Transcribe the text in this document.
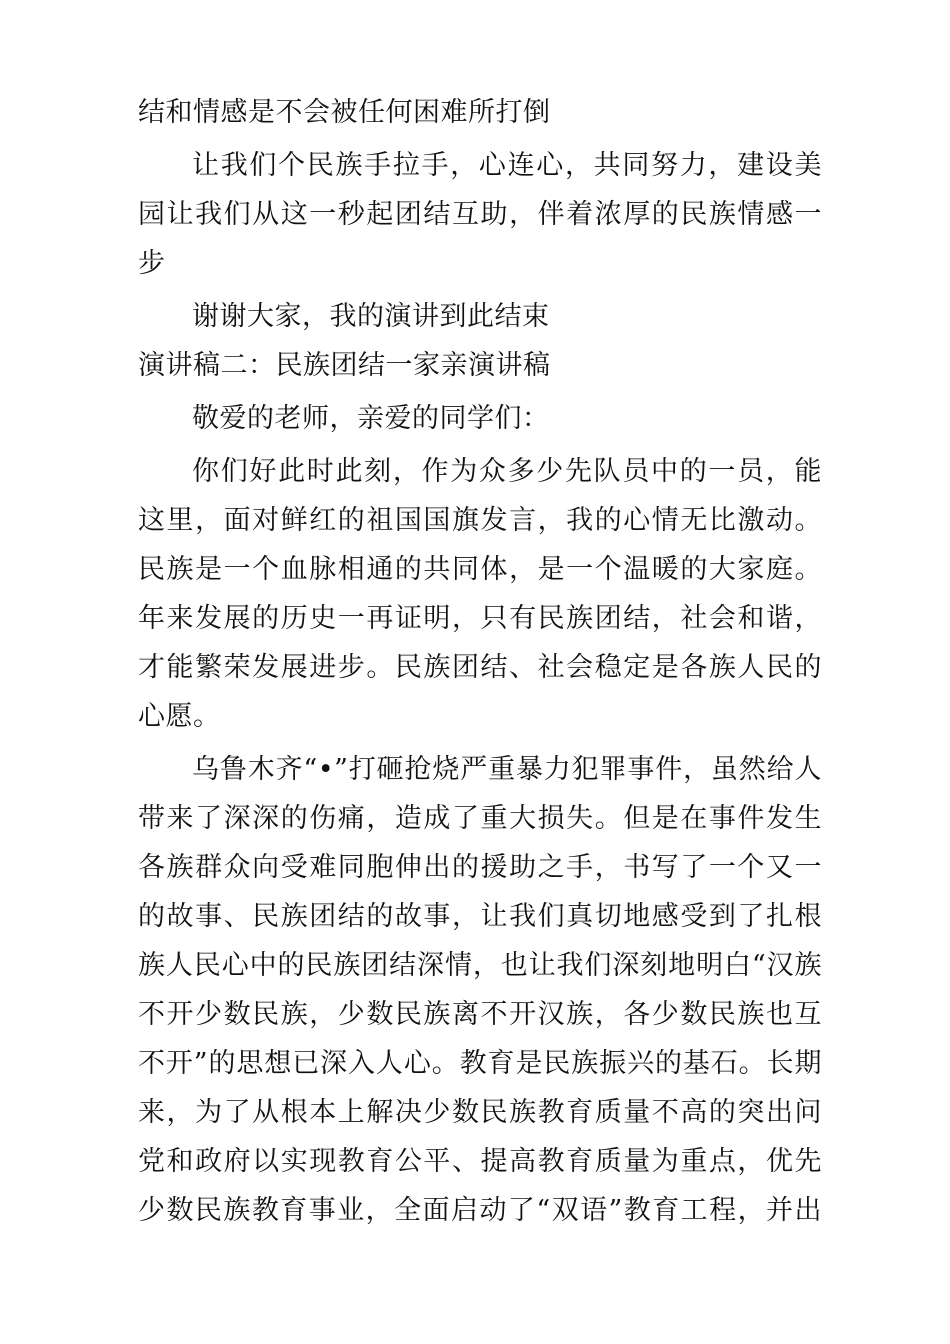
结和情感是不会被任何困难所打倒
让我们个民族手拉手，心连心，共同努力，建设美
园让我们从这一秒起团结互助，伴着浓厚的民族情感一
步
谢谢大家，我的演讲到此结束
演讲稿二：民族团结一家亲演讲稿
敬爱的老师，亲爱的同学们：
你们好此时此刻，作为众多少先队员中的一员，能
这里，面对鲜红的祖国国旗发言，我的心情无比激动。
民族是一个血脉相通的共同体，是一个温暖的大家庭。
年来发展的历史一再证明，只有民族团结，社会和谐，
才能繁荣发展进步。民族团结、社会稳定是各族人民的
心愿。
乌鲁木齐“•”打砸抢烧严重暴力犯罪事件，虽然给人
带来了深深的伤痛，造成了重大损失。但是在事件发生
各族群众向受难同胞伸出的援助之手，书写了一个又一
的故事、民族团结的故事，让我们真切地感受到了扎根
族人民心中的民族团结深情，也让我们深刻地明白“汉族
不开少数民族，少数民族离不开汉族，各少数民族也互
不开”的思想已深入人心。教育是民族振兴的基石。长期
来，为了从根本上解决少数民族教育质量不高的突出问
党和政府以实现教育公平、提高教育质量为重点，优先
少数民族教育事业，全面启动了“双语”教育工程，并出
